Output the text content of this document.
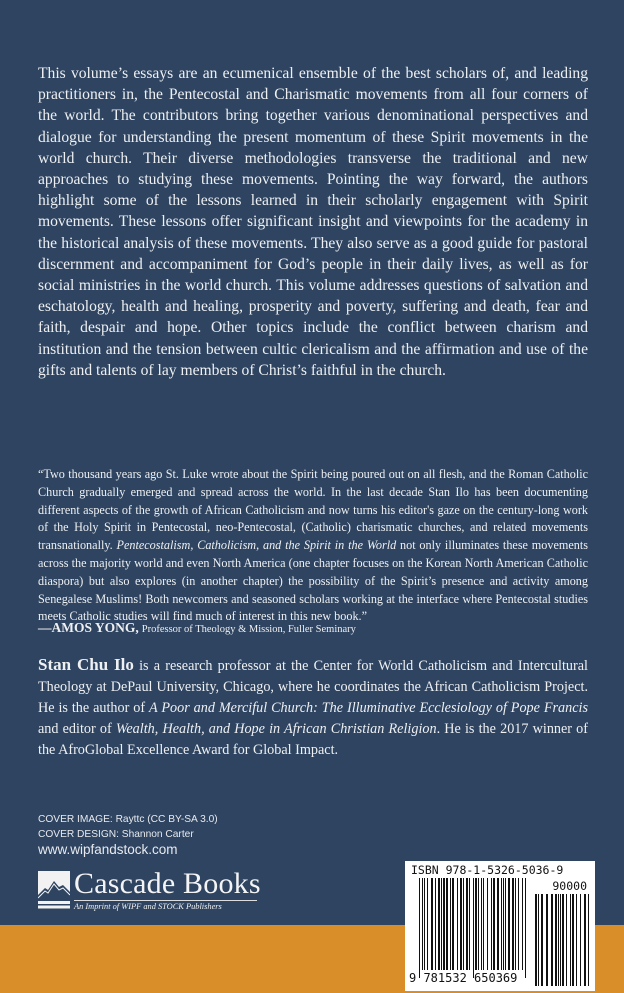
This volume’s essays are an ecumenical ensemble of the best scholars of, and leading practitioners in, the Pentecostal and Charismatic movements from all four corners of the world. The contributors bring together various denominational perspectives and dialogue for understanding the present momentum of these Spirit movements in the world church. Their diverse methodologies transverse the traditional and new approaches to studying these movements. Pointing the way forward, the authors highlight some of the lessons learned in their scholarly engagement with Spirit movements. These lessons offer significant insight and viewpoints for the academy in the historical analysis of these movements. They also serve as a good guide for pastoral discernment and accompaniment for God’s people in their daily lives, as well as for social ministries in the world church. This volume addresses questions of salvation and eschatology, health and healing, prosperity and poverty, suffering and death, fear and faith, despair and hope. Other topics include the conflict between charism and institution and the tension between cultic clericalism and the affirmation and use of the gifts and talents of lay members of Christ’s faithful in the church.

“Two thousand years ago St. Luke wrote about the Spirit being poured out on all flesh, and the Roman Catholic Church gradually emerged and spread across the world. In the last decade Stan Ilo has been documenting different aspects of the growth of African Catholicism and now turns his editor's gaze on the century-long work of the Holy Spirit in Pentecostal, neo-Pentecostal, (Catholic) charismatic churches, and related movements transnationally. Pentecostalism, Catholicism, and the Spirit in the World not only illuminates these movements across the majority world and even North America (one chapter focuses on the Korean North American Catholic diaspora) but also explores (in another chapter) the possibility of the Spirit’s presence and activity among Senegalese Muslims! Both newcomers and seasoned scholars working at the interface where Pentecostal studies meets Catholic studies will find much of interest in this new book.”

—AMOS YONG, Professor of Theology & Mission, Fuller Seminary

Stan Chu Ilo is a research professor at the Center for World Catholicism and Intercultural Theology at DePaul University, Chicago, where he coordinates the African Catholicism Project. He is the author of A Poor and Merciful Church: The Illuminative Ecclesiology of Pope Francis and editor of Wealth, Health, and Hope in African Christian Religion. He is the 2017 winner of the AfroGlobal Excellence Award for Global Impact.

COVER IMAGE: Rayttc (CC BY-SA 3.0)
COVER DESIGN: Shannon Carter
www.wipfandstock.com
Cascade Books
An Imprint of WIPF and STOCK Publishers
ISBN 978-1-5326-5036-9
90000
9 781532 650369
